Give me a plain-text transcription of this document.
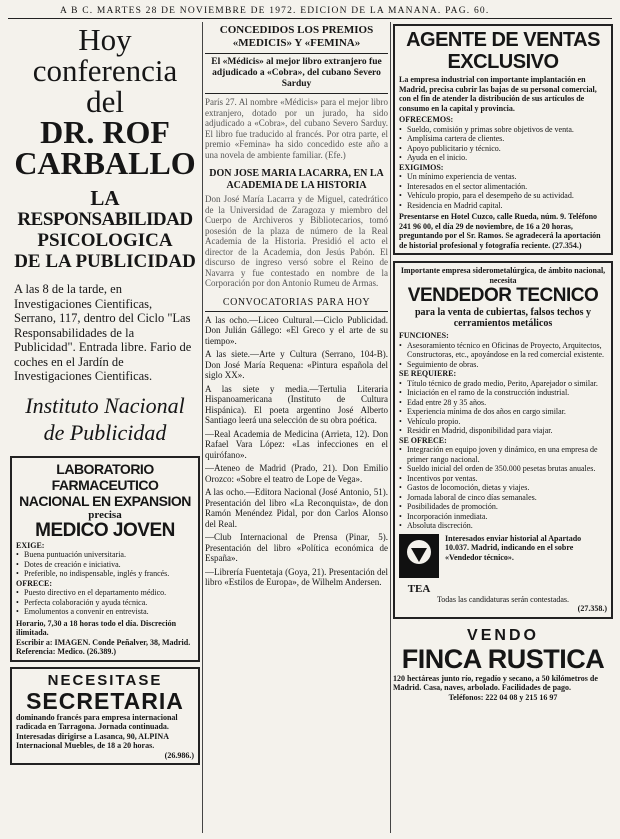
A B C. MARTES 28 DE NOVIEMBRE DE 1972. EDICION DE LA MAÑANA. PAG. 60.
Hoy
conferencia
del
DR. ROF
CARBALLO
LA
RESPONSABILIDAD
PSICOLOGICA
DE LA PUBLICIDAD
A las 8 de la tarde, en Investigaciones Cientificas, Serrano, 117, dentro del Ciclo "Las Responsabilidades de la Publicidad". Entrada libre. Fario de coches en el Jardín de Investigaciones Cientificas.
Instituto Nacional
de Publicidad
LABORATORIO FARMACEUTICO NACIONAL EN EXPANSION
precisa
MEDICO JOVEN
EXIGE:
• Buena puntuación universitaria.
• Dotes de creación e iniciativa.
• Preferible, no indispensable, inglés y francés.
OFRECE:
• Puesto directivo en el departamento médico.
• Perfecta colaboración y ayuda técnica.
• Emolumentos a convenir en entrevista.
Horario, 7,30 a 18 horas todo el día. Discreción ilimitada.
Escribir a: IMAGEN. Conde Peñalver, 38, Madrid. Referencia: Medico. (26.389.)
NECESITASE
SECRETARIA
dominando francés para empresa internacional radicada en Tarragona. Jornada continuada.
Interesadas dirigirse a Lasanca, 90, ALPINA Internacional Muebles, de 18 a 20 horas.
(26.986.)
CONCEDIDOS LOS PREMIOS «MEDICIS» Y «FEMINA»
El «Médicis» al mejor libro extranjero fue adjudicado a «Cobra», del cubano Severo Sarduy
París 27. Al nombre «Médicis» para el mejor libro extranjero, dotado por un jurado, ha sido adjudicado a «Cobra», del cubano Severo Sarduy. El libro fue traducido al francés. Por otra parte, el premio «Femina» ha sido concedido este año a una novela de ambiente familiar. (Efe.)
DON JOSE MARIA LACARRA, EN LA ACADEMIA DE LA HISTORIA
Don José María Lacarra y de Miguel, catedrático de la Universidad de Zaragoza y miembro del Cuerpo de Archiveros y Bibliotecarios, tomó posesión de la plaza de número de la Real Academia de la Historia. Presidió el acto el director de la Academia, don Jesús Pabón. El discurso de ingreso versó sobre el Reino de Navarra y fue contestado en nombre de la Corporación por don Antonio Rumeu de Armas.
CONVOCATORIAS PARA HOY

A las ocho.—Liceo Cultural.—Ciclo Publicidad. Don Julián Gállego: «El Greco y el arte de su tiempo».

A las siete.—Arte y Cultura (Serrano, 104-B). Don José María Requena: «Pintura española del siglo XX».

A las siete y media.—Tertulia Literaria Hispanoamericana (Instituto de Cultura Hispánica). El poeta argentino José Alberto Santiago leerá una selección de su obra poética.

—Real Academia de Medicina (Arrieta, 12). Don Rafael Vara López: «Las infecciones en el quirófano».

—Ateneo de Madrid (Prado, 21). Don Emilio Orozco: «Sobre el teatro de Lope de Vega».

A las ocho.—Editora Nacional (José Antonio, 51). Presentación del libro «La Reconquista», de don Ramón Menéndez Pidal, por don Carlos Alonso del Real.

—Club Internacional de Prensa (Pinar, 5). Presentación del libro «Política económica de España».

—Librería Fuentetaja (Goya, 21). Presentación del libro «Estilos de Europa», de Wilhelm Andersen.

AGENTE DE VENTAS
EXCLUSIVO
La empresa industrial con importante implantación en Madrid, precisa cubrir las bajas de su personal comercial, con el fin de atender la distribución de sus artículos de consumo en la capital y provincia.
OFRECEMOS:
• Sueldo, comisión y primas sobre objetivos de venta.
• Amplísima cartera de clientes.
• Apoyo publicitario y técnico.
• Ayuda en el inicio.
EXIGIMOS:
• Un mínimo experiencia de ventas.
• Interesados en el sector alimentación.
• Vehículo propio, para el desempeño de su actividad.
• Residencia en Madrid capital.
Presentarse en Hotel Cuzco, calle Rueda, núm. 9. Teléfono 241 96 00, el día 29 de noviembre, de 16 a 20 horas, preguntando por el Sr. Ramos. Se agradecerá la aportación de historial profesional y fotografía reciente. (27.354.)
Importante empresa siderometalúrgica, de ámbito nacional, necesita
VENDEDOR TECNICO
para la venta de cubiertas, falsos techos y cerramientos metálicos
FUNCIONES:
• Asesoramiento técnico en Oficinas de Proyecto, Arquitectos, Constructoras, etc., apoyándose en la red comercial existente.
• Seguimiento de obras.
SE REQUIERE:
• Título técnico de grado medio, Perito, Aparejador o similar.
• Iniciación en el ramo de la construcción industrial.
• Edad entre 28 y 35 años.
• Experiencia mínima de dos años en cargo similar.
• Vehículo propio.
• Residir en Madrid, disponibilidad para viajar.
SE OFRECE:
• Integración en equipo joven y dinámico, en una empresa de primer rango nacional.
• Sueldo inicial del orden de 350.000 pesetas brutas anuales.
• Incentivos por ventas.
• Gastos de locomoción, dietas y viajes.
• Jornada laboral de cinco días semanales.
• Posibilidades de promoción.
• Incorporación inmediata.
• Absoluta discreción.
TEA
Interesados enviar historial al Apartado 10.037. Madrid, indicando en el sobre «Vendedor técnico».
Todas las candidaturas serán contestadas.
(27.358.)
VENDO
FINCA RUSTICA
120 hectáreas junto río, regadío y secano, a 50 kilómetros de Madrid. Casa, naves, arbolado. Facilidades de pago.
Teléfonos: 222 04 08 y 215 16 97
